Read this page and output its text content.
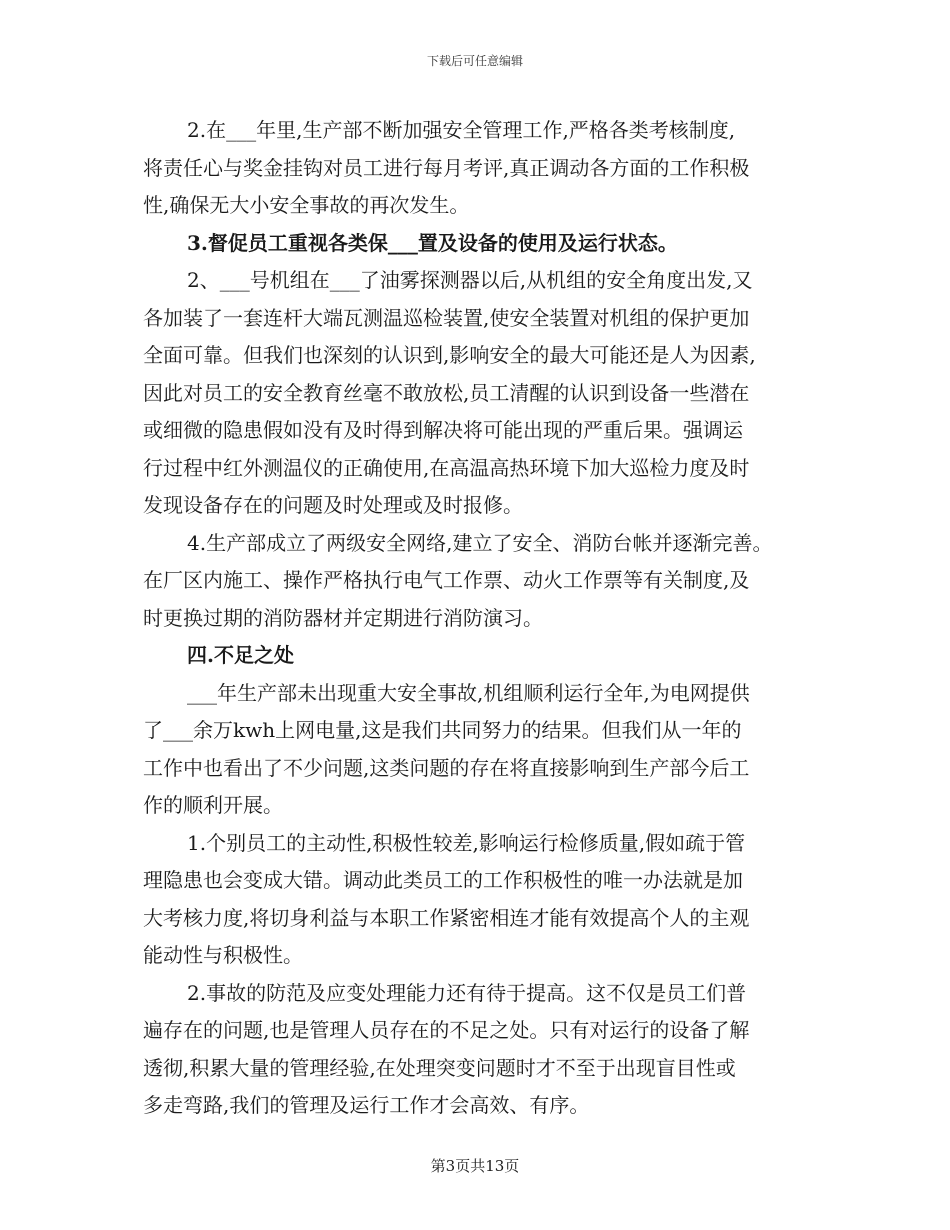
下载后可任意编辑

2.在___年里,生产部不断加强安全管理工作,严格各类考核制度,
将责任心与奖金挂钩对员工进行每月考评,真正调动各方面的工作积极
性,确保无大小安全事故的再次发生。

3.督促员工重视各类保___置及设备的使用及运行状态。

2、___号机组在___了油雾探测器以后,从机组的安全角度出发,又
各加装了一套连杆大端瓦测温巡检装置,使安全装置对机组的保护更加
全面可靠。但我们也深刻的认识到,影响安全的最大可能还是人为因素,
因此对员工的安全教育丝毫不敢放松,员工清醒的认识到设备一些潜在
或细微的隐患假如没有及时得到解决将可能出现的严重后果。强调运
行过程中红外测温仪的正确使用,在高温高热环境下加大巡检力度及时
发现设备存在的问题及时处理或及时报修。

4.生产部成立了两级安全网络,建立了安全、消防台帐并逐渐完善。
在厂区内施工、操作严格执行电气工作票、动火工作票等有关制度,及
时更换过期的消防器材并定期进行消防演习。

四.不足之处

___年生产部未出现重大安全事故,机组顺利运行全年,为电网提供
了___余万kwh上网电量,这是我们共同努力的结果。但我们从一年的
工作中也看出了不少问题,这类问题的存在将直接影响到生产部今后工
作的顺利开展。

1.个别员工的主动性,积极性较差,影响运行检修质量,假如疏于管
理隐患也会变成大错。调动此类员工的工作积极性的唯一办法就是加
大考核力度,将切身利益与本职工作紧密相连才能有效提高个人的主观
能动性与积极性。

2.事故的防范及应变处理能力还有待于提高。这不仅是员工们普
遍存在的问题,也是管理人员存在的不足之处。只有对运行的设备了解
透彻,积累大量的管理经验,在处理突变问题时才不至于出现盲目性或
多走弯路,我们的管理及运行工作才会高效、有序。

第3页共13页
